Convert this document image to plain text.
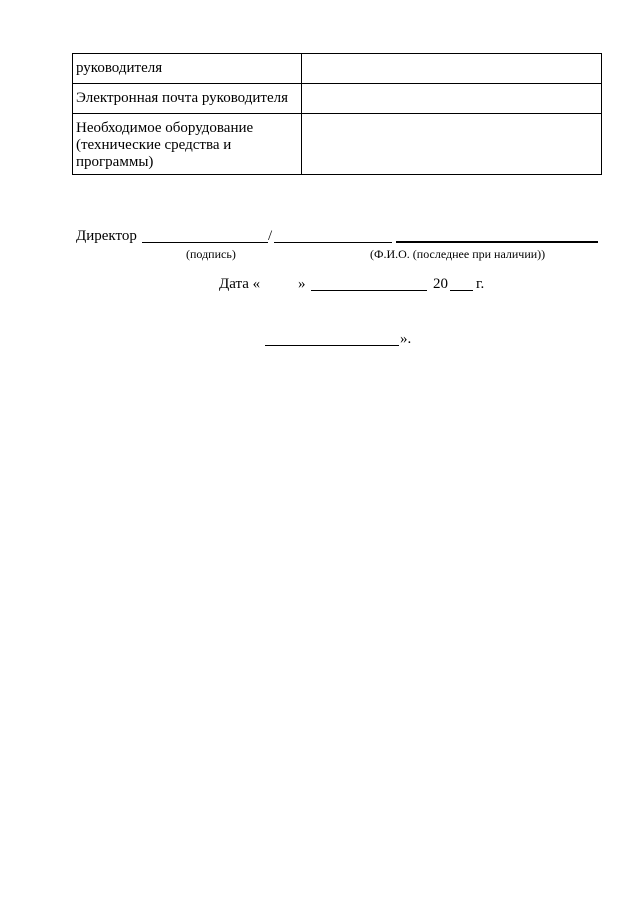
руководителя	
Электронная почта руководителя	
Необходимое оборудование
(технические средства и
программы)	
Директор	/
(подпись)	(Ф.И.О. (последнее при наличии))
Дата «	»	20 г.
».
